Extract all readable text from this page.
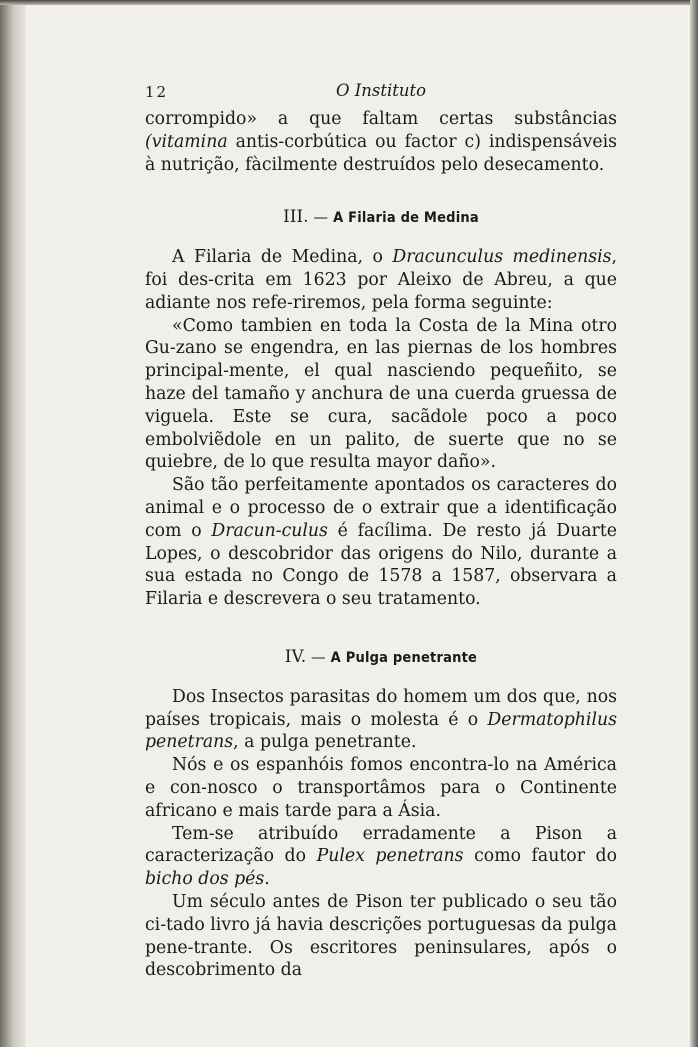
12	O Instituto

corrompido» a que faltam certas substâncias (vitamina antis-corbútica ou factor c) indispensáveis à nutrição, fàcilmente destruídos pelo desecamento.

III. — A Filaria de Medina

A Filaria de Medina, o Dracunculus medinensis, foi des-crita em 1623 por Aleixo de Abreu, a que adiante nos refe-riremos, pela forma seguinte:

«Como tambien en toda la Costa de la Mina otro Gu-zano se engendra, en las piernas de los hombres principal-mente, el qual nasciendo pequeñito, se haze del tamaño y anchura de una cuerda gruessa de viguela. Este se cura, sacãdole poco a poco embolviẽdole en un palito, de suerte que no se quiebre, de lo que resulta mayor daño».

São tão perfeitamente apontados os caracteres do animal e o processo de o extrair que a identificação com o Dracun-culus é facílima. De resto já Duarte Lopes, o descobridor das origens do Nilo, durante a sua estada no Congo de 1578 a 1587, observara a Filaria e descrevera o seu tratamento.

IV. — A Pulga penetrante

Dos Insectos parasitas do homem um dos que, nos países tropicais, mais o molesta é o Dermatophilus penetrans, a pulga penetrante.

Nós e os espanhóis fomos encontra-lo na América e con-nosco o transportâmos para o Continente africano e mais tarde para a Ásia.

Tem-se atribuído erradamente a Pison a caracterização do Pulex penetrans como fautor do bicho dos pés.

Um século antes de Pison ter publicado o seu tão ci-tado livro já havia descrições portuguesas da pulga pene-trante. Os escritores peninsulares, após o descobrimento da
